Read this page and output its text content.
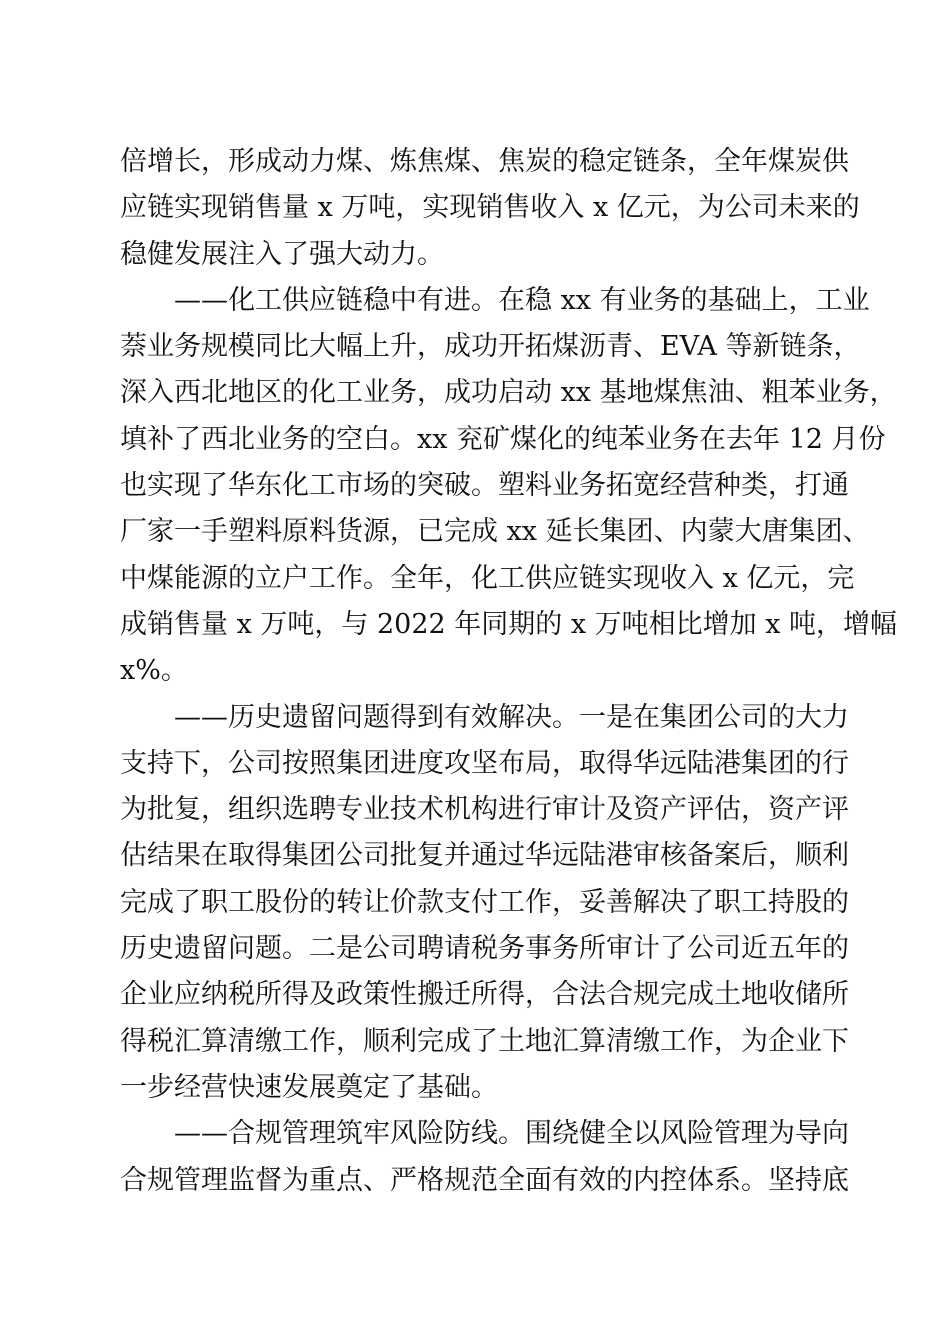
倍增长，形成动力煤、炼焦煤、焦炭的稳定链条，全年煤炭供
应链实现销售量 x 万吨，实现销售收入 x 亿元，为公司未来的
稳健发展注入了强大动力。
——化工供应链稳中有进。在稳 xx 有业务的基础上，工业
萘业务规模同比大幅上升，成功开拓煤沥青、EVA 等新链条，
深入西北地区的化工业务，成功启动 xx 基地煤焦油、粗苯业务，
填补了西北业务的空白。xx 兖矿煤化的纯苯业务在去年 12 月份
也实现了华东化工市场的突破。塑料业务拓宽经营种类，打通
厂家一手塑料原料货源，已完成 xx 延长集团、内蒙大唐集团、
中煤能源的立户工作。全年，化工供应链实现收入 x 亿元，完
成销售量 x 万吨，与 2022 年同期的 x 万吨相比增加 x 吨，增幅
x%。
——历史遗留问题得到有效解决。一是在集团公司的大力
支持下，公司按照集团进度攻坚布局，取得华远陆港集团的行
为批复，组织选聘专业技术机构进行审计及资产评估，资产评
估结果在取得集团公司批复并通过华远陆港审核备案后，顺利
完成了职工股份的转让价款支付工作，妥善解决了职工持股的
历史遗留问题。二是公司聘请税务事务所审计了公司近五年的
企业应纳税所得及政策性搬迁所得，合法合规完成土地收储所
得税汇算清缴工作，顺利完成了土地汇算清缴工作，为企业下
一步经营快速发展奠定了基础。
——合规管理筑牢风险防线。围绕健全以风险管理为导向
合规管理监督为重点、严格规范全面有效的内控体系。坚持底
